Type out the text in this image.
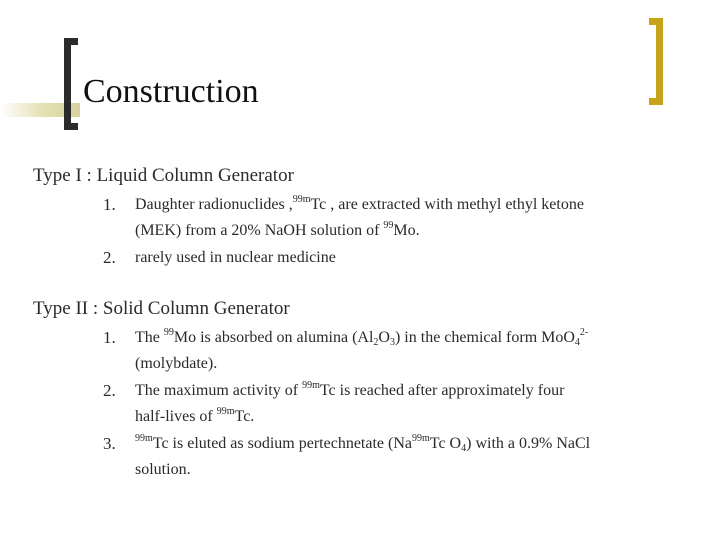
Construction
Type I : Liquid Column Generator
1. Daughter radionuclides ,$^{99m}$Tc , are extracted with methyl ethyl ketone
(MEK) from a 20% NaOH solution of $^{99}$Mo.
2. rarely used in nuclear medicine
Type II : Solid Column Generator
1. The $^{99}$Mo is absorbed on alumina $(Al_2O_3)$ in the chemical form MoO$_4^{2-}$
(molybdate).
2. The maximum activity of $^{99m}$Tc is reached after approximately four
half-lives of $^{99m}$Tc.
3. $^{99m}$Tc is eluted as sodium pertechnetate ($Na^{99m}Tc$ $O_4$) with a 0.9% NaCl
solution.
